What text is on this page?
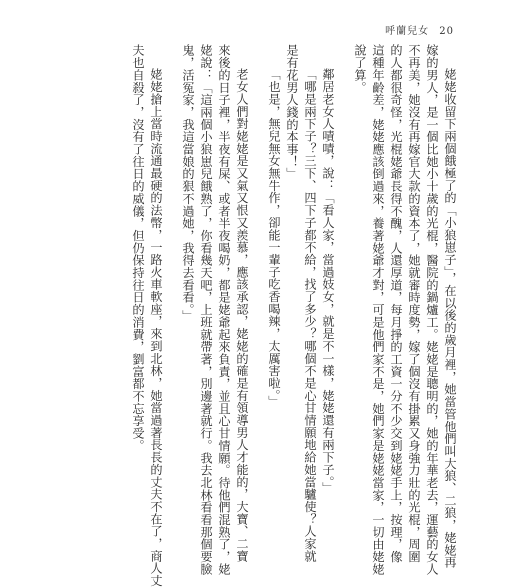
呼蘭兒女 20
姥姥收留下兩個餓極了的「小狼崽子」，在以後的歲月裡，她當管他們叫大狼、二狼，姥姥再
嫁的男人，是一個比她小十歲的光棍，醫院的鍋爐工。姥姥是聰明的，她的年華老去，運藝的女人
不再美，她沒有再嫁官大款的資本了，她就審時度勢，嫁了個沒有掛累又身強力壯的光棍，周圍
的人都很奇怪，光棍姥爺長得不醜，人還厚道，每月掙的工資一分不少交到姥姥手上，按理，像
這種年齡差，姥姥應該倒過來，養著姥爺才對，可是他們家不是，她們家是姥姥當家，一切由姥姥
說了算。
鄰居老女人嘖嘖，說：「看人家，當過妓女，就是不一樣，姥姥還有兩下子。」
「哪是兩下子？三下、四下子都不給，找了多少？哪個不是心甘情願地給她當驢使？人家就
是有花男人錢的本事！」
「也是，無兒無女無牛作，卻能一輩子吃香喝辣，太厲害啦。」
老女人們對姥姥是又氣又恨又羨慕，應該承認，姥姥的確是有領導男人才能的，大寶、二寶
來後的日子裡，半夜有屎、或者半夜喝奶，都是姥爺起來負責，並且心甘情願。待他們混熟了，姥
姥說：「這兩個小狼崽兒餓熟了，你看幾天吧，上班就帶著，別邊著就行。我去北林看看那個要臉
鬼，活冤家，我這當娘的狠不過她，我得去看看。」
姥姥搶上當時流通最硬的法幣，一路火車軟座，來到北林，她當過著長長的丈夫不在了，商人丈
夫也自殺了，沒有了往日的威儀，但仍保持往日的消費，劉富都不忘享受。
